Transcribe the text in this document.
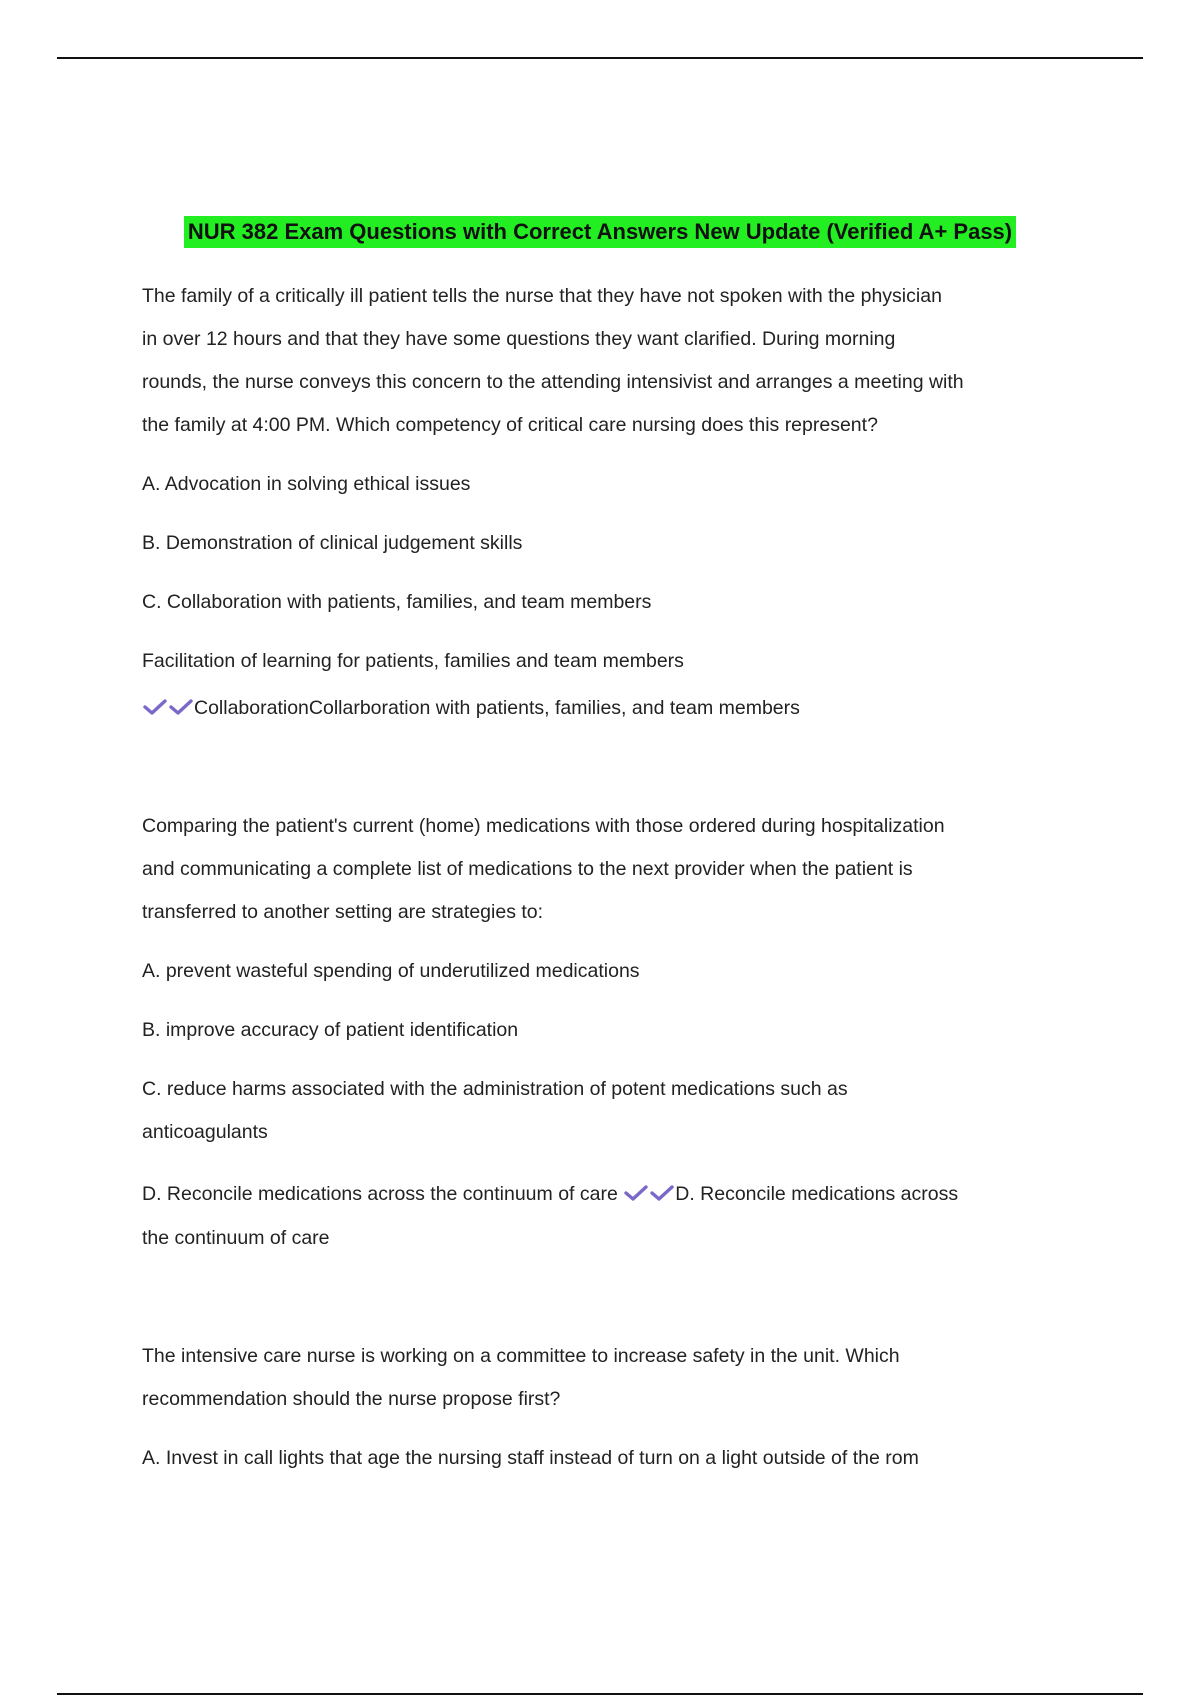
NUR 382 Exam Questions with Correct Answers New Update (Verified A+ Pass)
The family of a critically ill patient tells the nurse that they have not spoken with the physician
in over 12 hours and that they have some questions they want clarified. During morning
rounds, the nurse conveys this concern to the attending intensivist and arranges a meeting with
the family at 4:00 PM. Which competency of critical care nursing does this represent?
A. Advocation in solving ethical issues
B. Demonstration of clinical judgement skills
C. Collaboration with patients, families, and team members
Facilitation of learning for patients, families and team members
CollaborationCollarboration with patients, families, and team members
Comparing the patient's current (home) medications with those ordered during hospitalization
and communicating a complete list of medications to the next provider when the patient is
transferred to another setting are strategies to:
A. prevent wasteful spending of underutilized medications
B. improve accuracy of patient identification
C. reduce harms associated with the administration of potent medications such as
anticoagulants
D. Reconcile medications across the continuum of care	D. Reconcile medications across
the continuum of care
The intensive care nurse is working on a committee to increase safety in the unit. Which
recommendation should the nurse propose first?
A. Invest in call lights that age the nursing staff instead of turn on a light outside of the rom
